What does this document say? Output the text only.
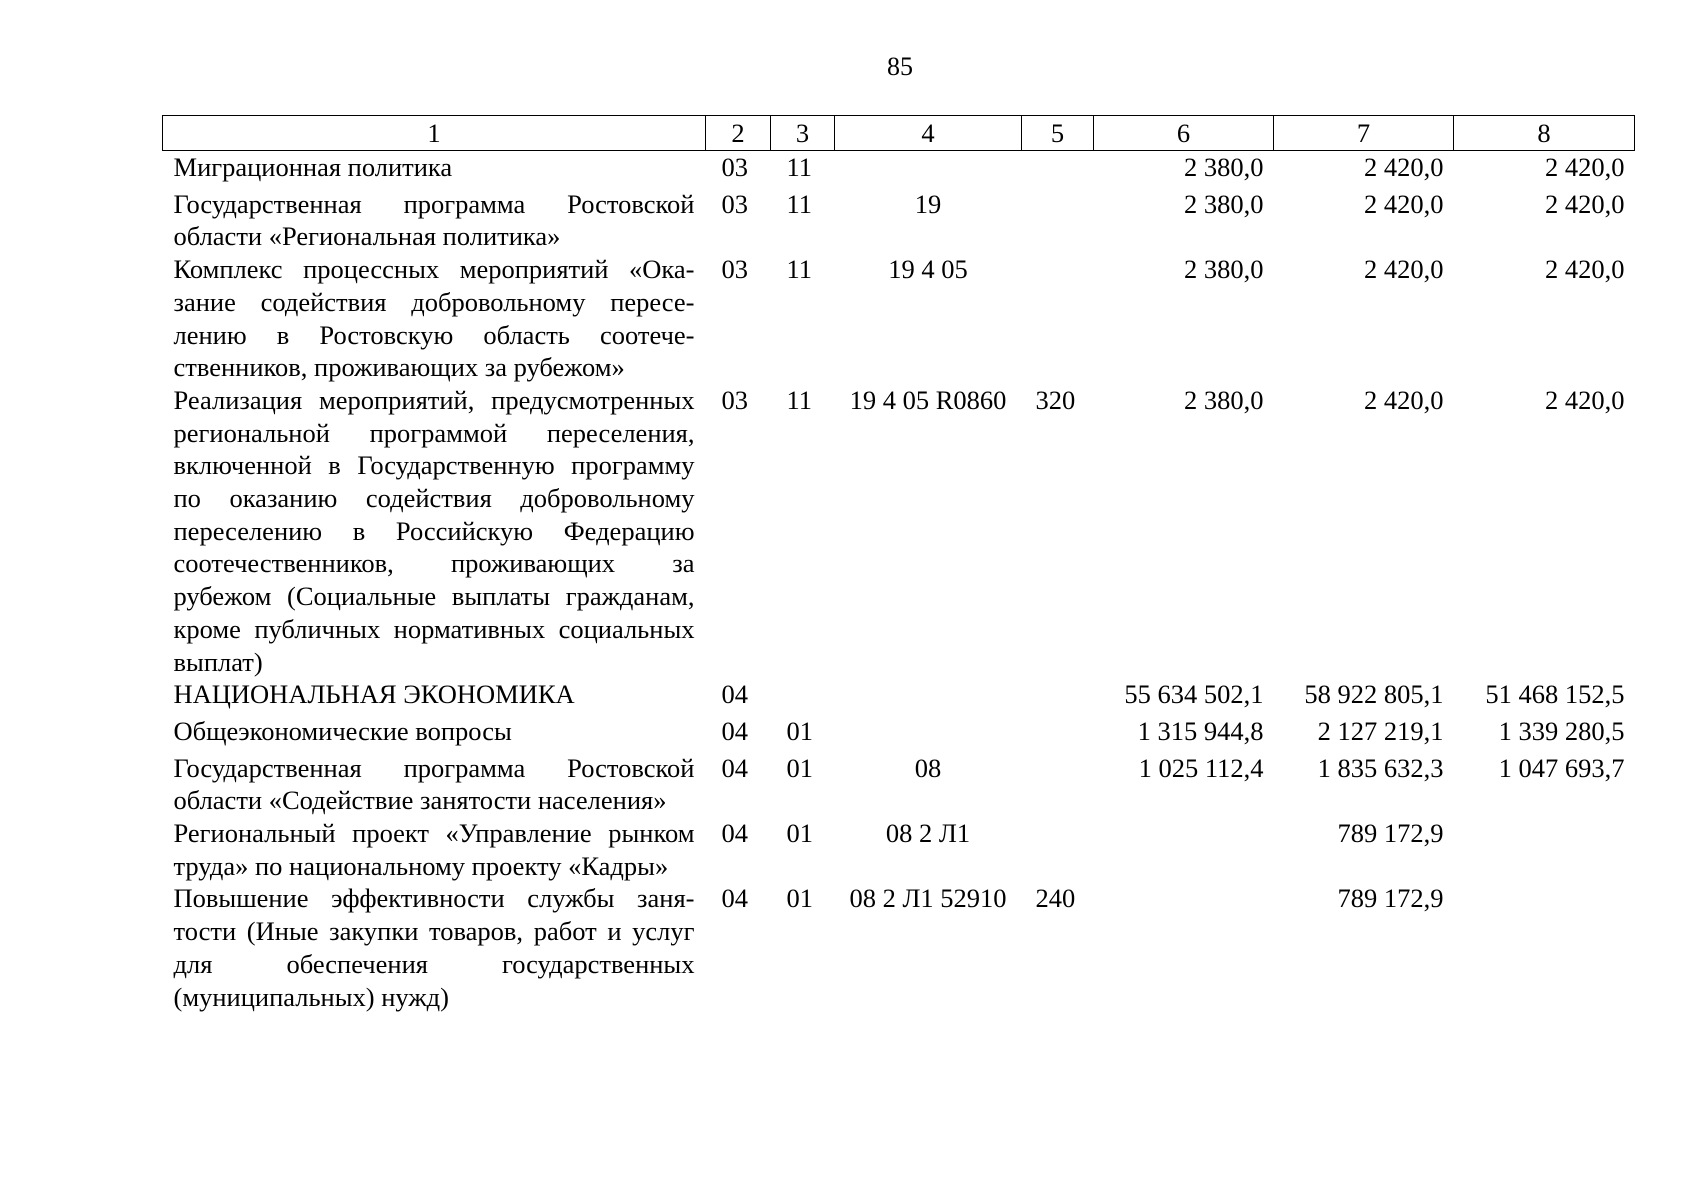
85
1	2	3	4	5	6	7	8
Миграционная политика	03	11			2 380,0	2 420,0	2 420,0
Государственная программа Ростовской области «Региональная политика»	03	11	19		2 380,0	2 420,0	2 420,0
Комплекс процессных мероприятий «Оказание содействия добровольному переселению в Ростовскую область соотечественников, проживающих за рубежом»	03	11	19 4 05		2 380,0	2 420,0	2 420,0
Реализация мероприятий, предусмотренных региональной программой переселения, включенной в Государственную программу по оказанию содействия добровольному переселению в Российскую Федерацию соотечественников, проживающих за рубежом (Социальные выплаты гражданам, кроме публичных нормативных социальных выплат)	03	11	19 4 05 R0860	320	2 380,0	2 420,0	2 420,0
НАЦИОНАЛЬНАЯ ЭКОНОМИКА	04				55 634 502,1	58 922 805,1	51 468 152,5
Общеэкономические вопросы	04	01			1 315 944,8	2 127 219,1	1 339 280,5
Государственная программа Ростовской области «Содействие занятости населения»	04	01	08		1 025 112,4	1 835 632,3	1 047 693,7
Региональный проект «Управление рынком труда» по национальному проекту «Кадры»	04	01	08 2 Л1			789 172,9	
Повышение эффективности службы занятости (Иные закупки товаров, работ и услуг для обеспечения государственных (муниципальных) нужд)	04	01	08 2 Л1 52910	240		789 172,9	
